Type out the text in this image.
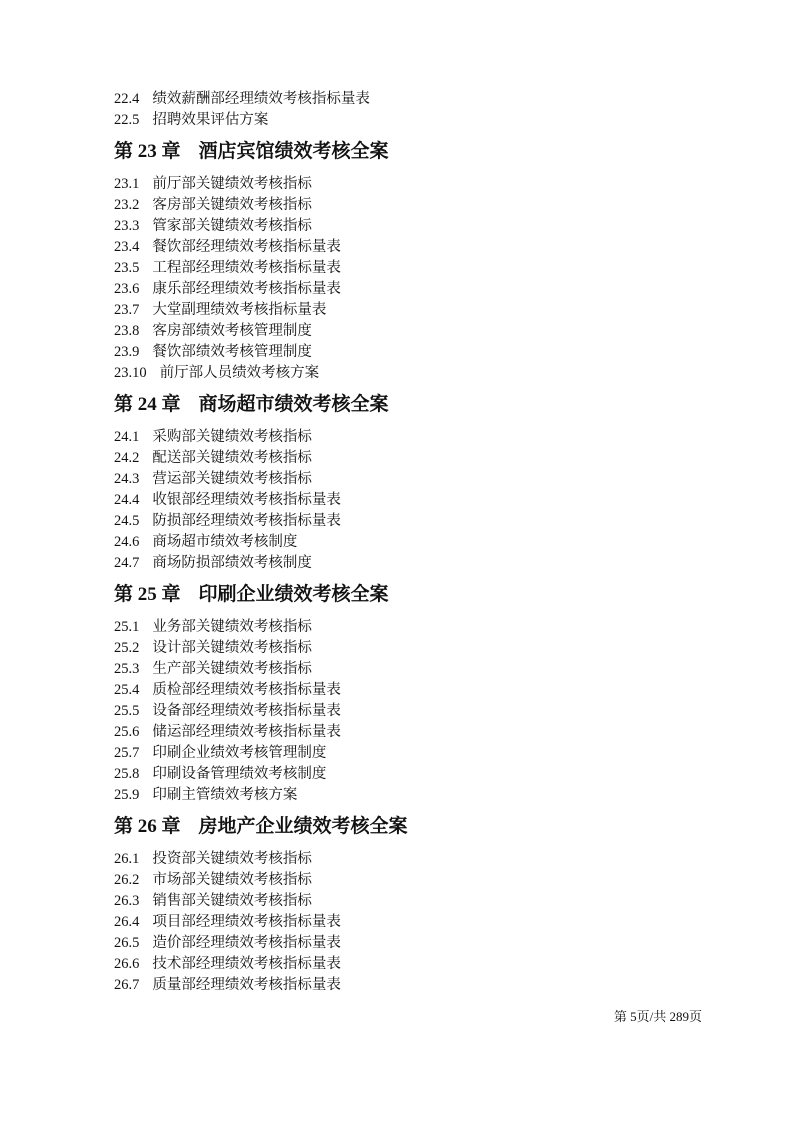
22.4 绩效薪酬部经理绩效考核指标量表
22.5 招聘效果评估方案
第 23 章 酒店宾馆绩效考核全案
23.1 前厅部关键绩效考核指标
23.2 客房部关键绩效考核指标
23.3 管家部关键绩效考核指标
23.4 餐饮部经理绩效考核指标量表
23.5 工程部经理绩效考核指标量表
23.6 康乐部经理绩效考核指标量表
23.7 大堂副理绩效考核指标量表
23.8 客房部绩效考核管理制度
23.9 餐饮部绩效考核管理制度
23.10 前厅部人员绩效考核方案
第 24 章 商场超市绩效考核全案
24.1 采购部关键绩效考核指标
24.2 配送部关键绩效考核指标
24.3 营运部关键绩效考核指标
24.4 收银部经理绩效考核指标量表
24.5 防损部经理绩效考核指标量表
24.6 商场超市绩效考核制度
24.7 商场防损部绩效考核制度
第 25 章 印刷企业绩效考核全案
25.1 业务部关键绩效考核指标
25.2 设计部关键绩效考核指标
25.3 生产部关键绩效考核指标
25.4 质检部经理绩效考核指标量表
25.5 设备部经理绩效考核指标量表
25.6 储运部经理绩效考核指标量表
25.7 印刷企业绩效考核管理制度
25.8 印刷设备管理绩效考核制度
25.9 印刷主管绩效考核方案
第 26 章 房地产企业绩效考核全案
26.1 投资部关键绩效考核指标
26.2 市场部关键绩效考核指标
26.3 销售部关键绩效考核指标
26.4 项目部经理绩效考核指标量表
26.5 造价部经理绩效考核指标量表
26.6 技术部经理绩效考核指标量表
26.7 质量部经理绩效考核指标量表
第 5页/共 289页
